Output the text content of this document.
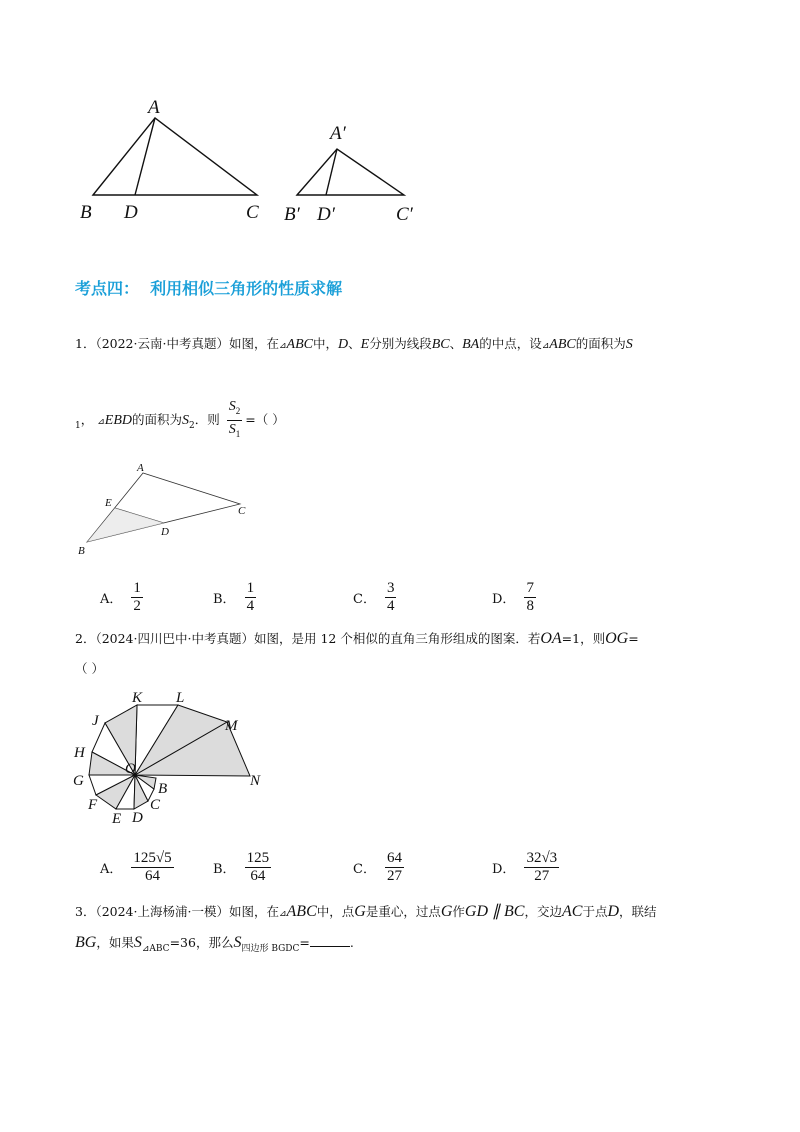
A
B D	C
A′
B′ D′	C′
考点四：  利用相似三角形的性质求解
1．（2022·云南·中考真题）如图，在⊿ABC中，D、E分别为线段BC、BA的中点，设⊿ABC的面积为S
$_1$， ⊿EBD的面积为$S_2$．则 $\frac{S_2}{S_1}$ =（ ）
A
E
C
D
B
A． $\frac{1}{2}$	B． $\frac{1}{4}$	C． $\frac{3}{4}$	D． $\frac{7}{8}$
2．（2024·四川巴中·中考真题）如图，是用 12 个相似的直角三角形组成的图案．若OA=1，则OG=
（ ）
K L
J	M
H
O
G	N
F
B
C
E D
A． $\frac{125√5}{64}$	B． $\frac{125}{64}$	C． $\frac{64}{27}$	D． $\frac{32√3}{27}$
3．（2024·上海杨浦·一模）如图，在⊿ABC中，点G是重心，过点G作GD ∥ BC，交边AC于点D，联结
BG，如果$S_{⊿ABC}=36$，那么$S_{四边形 BGDC}=$	.
